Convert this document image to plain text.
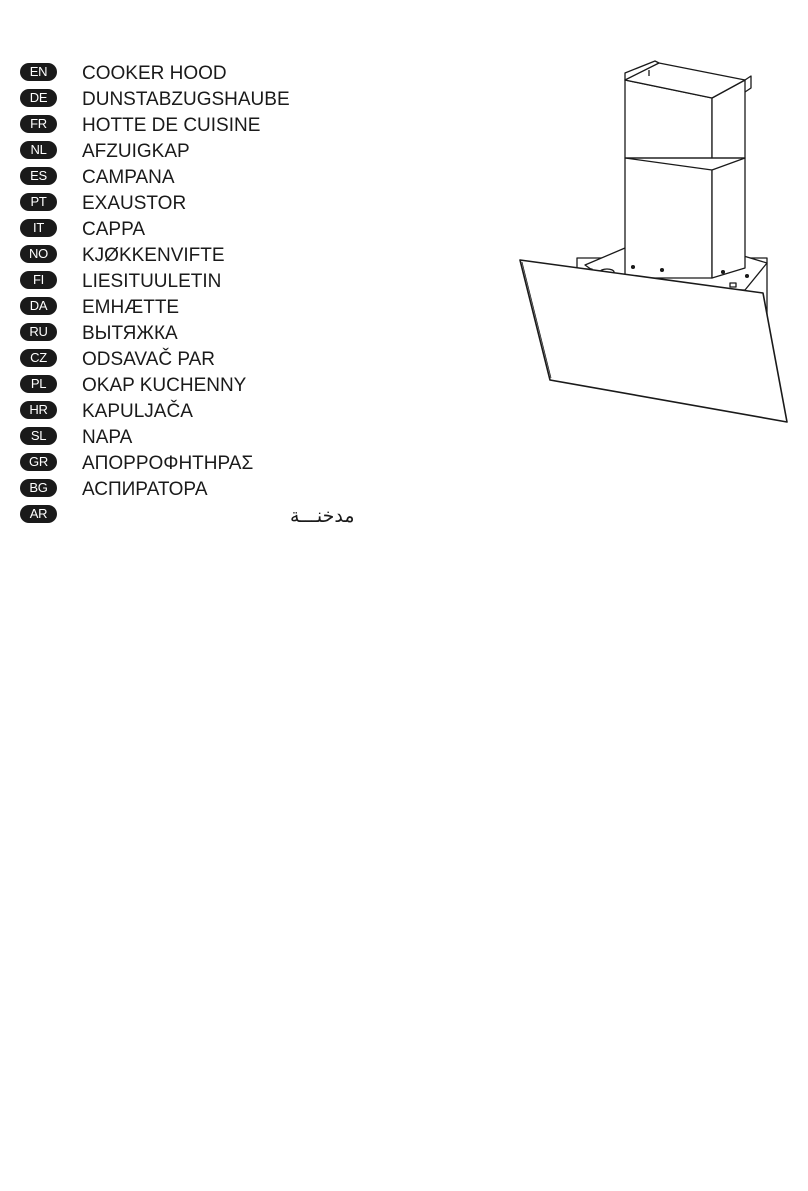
EN	COOKER HOOD
DE	DUNSTABZUGSHAUBE
FR	HOTTE DE CUISINE
NL	AFZUIGKAP
ES	CAMPANA
PT	EXAUSTOR
IT	CAPPA
NO	KJØKKENVIFTE
FI	LIESITUULETIN
DA	EMHÆTTE
RU	ВЫТЯЖКА
CZ	ODSAVAČ PAR
PL	OKAP KUCHENNY
HR	KAPULJAČA
SL	NAPA
GR	ΑΠΟΡΡΟΦΗΤΗΡΑΣ
BG	АСПИРАТОРА
AR	مدخنـــة
